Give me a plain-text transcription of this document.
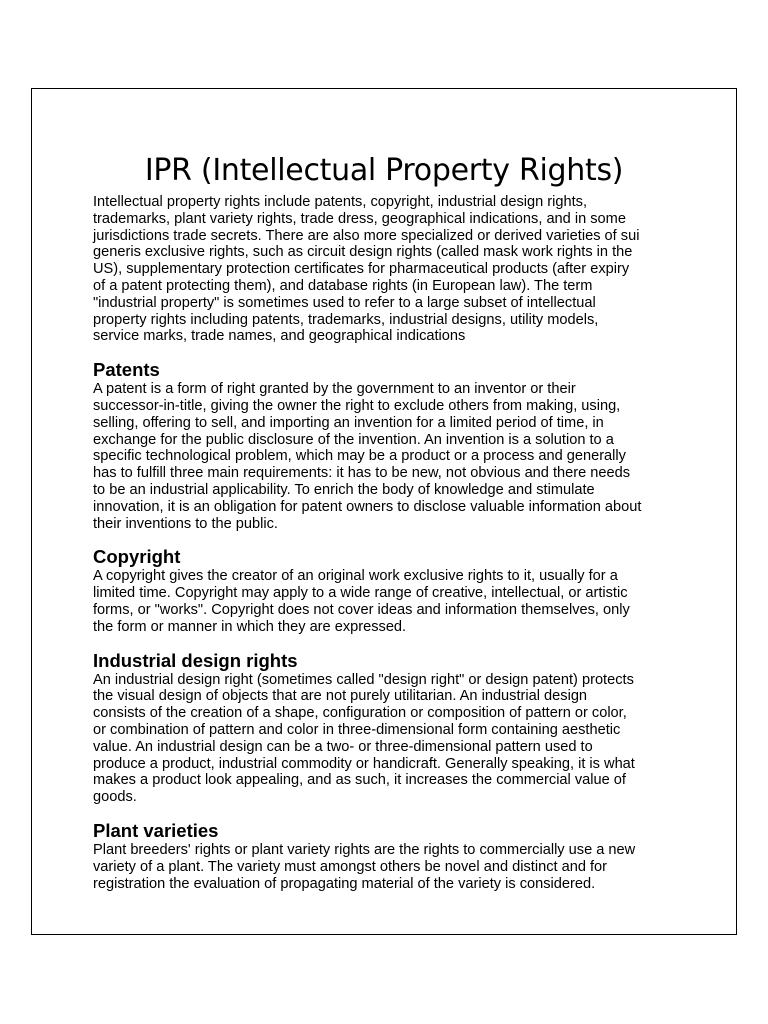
IPR (Intellectual Property Rights)

Intellectual property rights include patents, copyright, industrial design rights,
trademarks, plant variety rights, trade dress, geographical indications, and in some
jurisdictions trade secrets. There are also more specialized or derived varieties of sui
generis exclusive rights, such as circuit design rights (called mask work rights in the
US), supplementary protection certificates for pharmaceutical products (after expiry
of a patent protecting them), and database rights (in European law). The term
"industrial property" is sometimes used to refer to a large subset of intellectual
property rights including patents, trademarks, industrial designs, utility models,
service marks, trade names, and geographical indications

Patents

A patent is a form of right granted by the government to an inventor or their
successor-in-title, giving the owner the right to exclude others from making, using,
selling, offering to sell, and importing an invention for a limited period of time, in
exchange for the public disclosure of the invention. An invention is a solution to a
specific technological problem, which may be a product or a process and generally
has to fulfill three main requirements: it has to be new, not obvious and there needs
to be an industrial applicability. To enrich the body of knowledge and stimulate
innovation, it is an obligation for patent owners to disclose valuable information about
their inventions to the public.

Copyright

A copyright gives the creator of an original work exclusive rights to it, usually for a
limited time. Copyright may apply to a wide range of creative, intellectual, or artistic
forms, or "works". Copyright does not cover ideas and information themselves, only
the form or manner in which they are expressed.

Industrial design rights

An industrial design right (sometimes called "design right" or design patent) protects
the visual design of objects that are not purely utilitarian. An industrial design
consists of the creation of a shape, configuration or composition of pattern or color,
or combination of pattern and color in three-dimensional form containing aesthetic
value. An industrial design can be a two- or three-dimensional pattern used to
produce a product, industrial commodity or handicraft. Generally speaking, it is what
makes a product look appealing, and as such, it increases the commercial value of
goods.

Plant varieties

Plant breeders' rights or plant variety rights are the rights to commercially use a new
variety of a plant. The variety must amongst others be novel and distinct and for
registration the evaluation of propagating material of the variety is considered.
